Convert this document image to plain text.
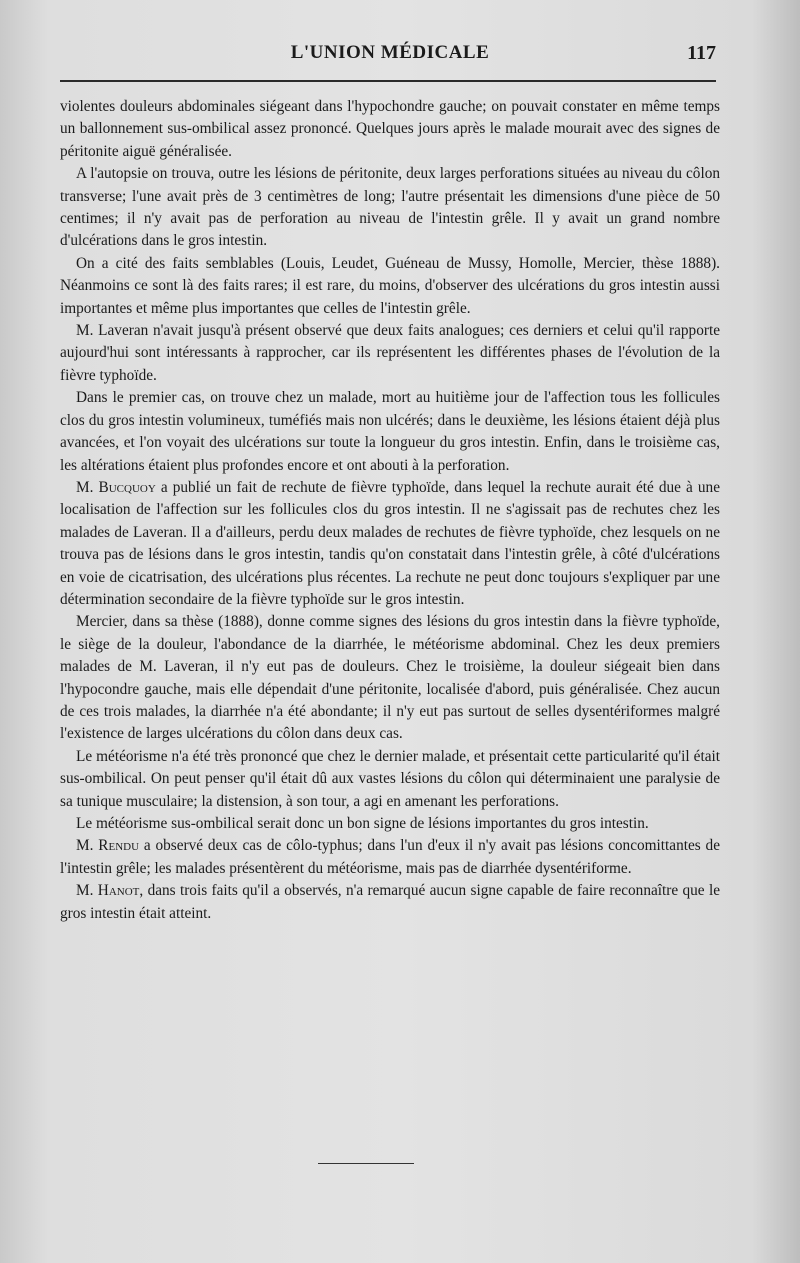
L'UNION MÉDICALE	117

violentes douleurs abdominales siégeant dans l'hypochondre gauche; on pouvait constater en même temps un ballonnement sus-ombilical assez prononcé. Quelques jours après le malade mourait avec des signes de péritonite aiguë généralisée.

A l'autopsie on trouva, outre les lésions de péritonite, deux larges perforations situées au niveau du côlon transverse; l'une avait près de 3 centimètres de long; l'autre présentait les dimensions d'une pièce de 50 centimes; il n'y avait pas de perforation au niveau de l'intestin grêle. Il y avait un grand nombre d'ulcérations dans le gros intestin.

On a cité des faits semblables (Louis, Leudet, Guéneau de Mussy, Homolle, Mercier, thèse 1888). Néanmoins ce sont là des faits rares; il est rare, du moins, d'observer des ulcérations du gros intestin aussi importantes et même plus importantes que celles de l'intestin grêle.

M. Laveran n'avait jusqu'à présent observé que deux faits analogues; ces derniers et celui qu'il rapporte aujourd'hui sont intéressants à rapprocher, car ils représentent les différentes phases de l'évolution de la fièvre typhoïde.

Dans le premier cas, on trouve chez un malade, mort au huitième jour de l'affection tous les follicules clos du gros intestin volumineux, tuméfiés mais non ulcérés; dans le deuxième, les lésions étaient déjà plus avancées, et l'on voyait des ulcérations sur toute la longueur du gros intestin. Enfin, dans le troisième cas, les altérations étaient plus profondes encore et ont abouti à la perforation.

M. Bucquoy a publié un fait de rechute de fièvre typhoïde, dans lequel la rechute aurait été due à une localisation de l'affection sur les follicules clos du gros intestin. Il ne s'agissait pas de rechutes chez les malades de Laveran. Il a d'ailleurs, perdu deux malades de rechutes de fièvre typhoïde, chez lesquels on ne trouva pas de lésions dans le gros intestin, tandis qu'on constatait dans l'intestin grêle, à côté d'ulcérations en voie de cicatrisation, des ulcérations plus récentes. La rechute ne peut donc toujours s'expliquer par une détermination secondaire de la fièvre typhoïde sur le gros intestin.

Mercier, dans sa thèse (1888), donne comme signes des lésions du gros intestin dans la fièvre typhoïde, le siège de la douleur, l'abondance de la diarrhée, le météorisme abdominal. Chez les deux premiers malades de M. Laveran, il n'y eut pas de douleurs. Chez le troisième, la douleur siégeait bien dans l'hypocondre gauche, mais elle dépendait d'une péritonite, localisée d'abord, puis généralisée. Chez aucun de ces trois malades, la diarrhée n'a été abondante; il n'y eut pas surtout de selles dysentériformes malgré l'existence de larges ulcérations du côlon dans deux cas.

Le météorisme n'a été très prononcé que chez le dernier malade, et présentait cette particularité qu'il était sus-ombilical. On peut penser qu'il était dû aux vastes lésions du côlon qui déterminaient une paralysie de sa tunique musculaire; la distension, à son tour, a agi en amenant les perforations.

Le météorisme sus-ombilical serait donc un bon signe de lésions importantes du gros intestin.

M. Rendu a observé deux cas de côlo-typhus; dans l'un d'eux il n'y avait pas lésions concomittantes de l'intestin grêle; les malades présentèrent du météorisme, mais pas de diarrhée dysentériforme.

M. Hanot, dans trois faits qu'il a observés, n'a remarqué aucun signe capable de faire reconnaître que le gros intestin était atteint.
